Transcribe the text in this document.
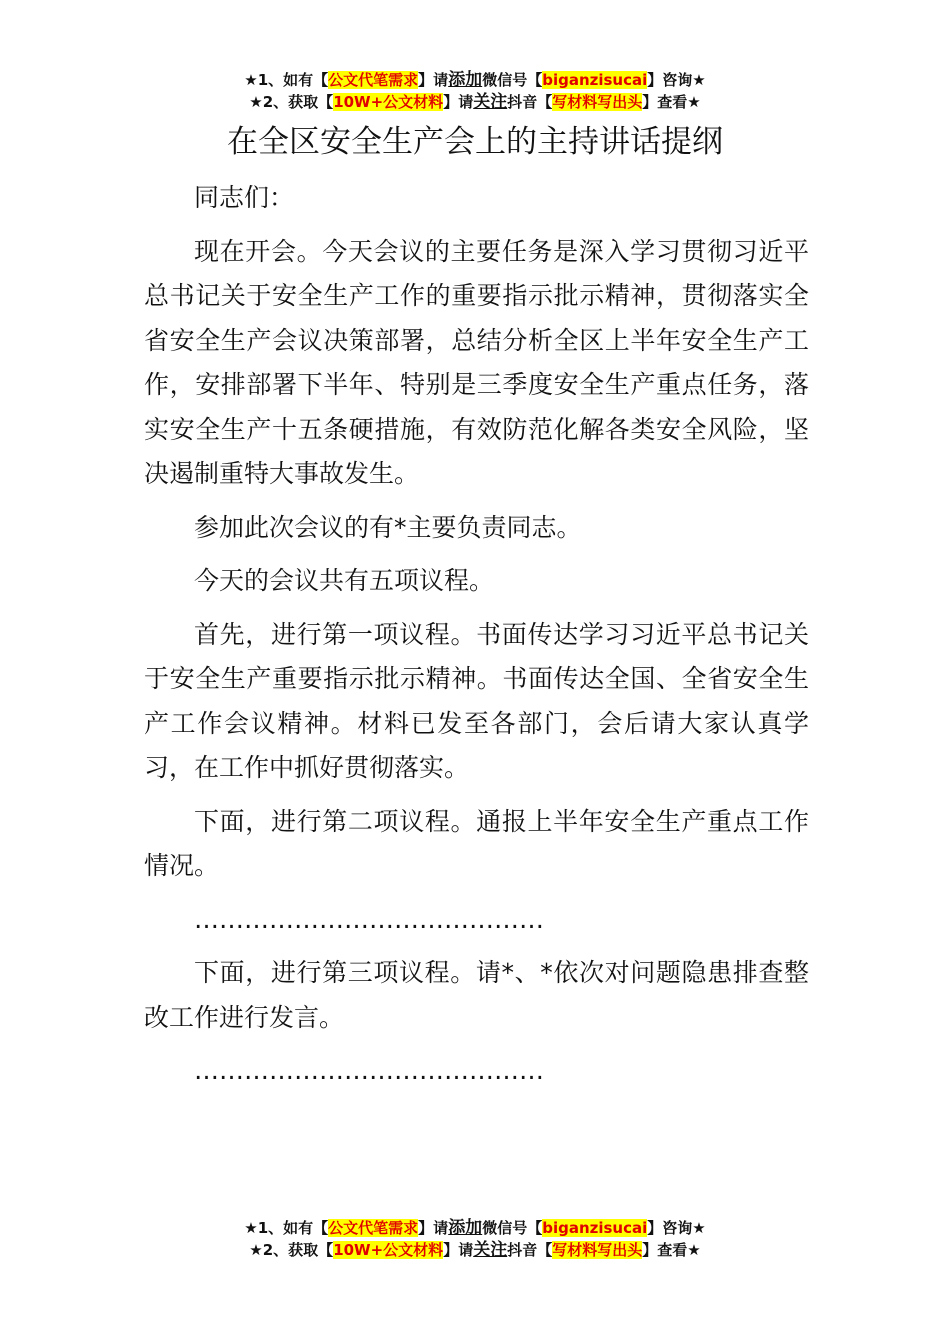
★1、如有【公文代笔需求】请添加微信号【biganzisucai】咨询★
★2、获取【10W+公文材料】请关注抖音【写材料写出头】查看★
在全区安全生产会上的主持讲话提纲

同志们：

现在开会。今天会议的主要任务是深入学习贯彻习近平总书记关于安全生产工作的重要指示批示精神，贯彻落实全省安全生产会议决策部署，总结分析全区上半年安全生产工作，安排部署下半年、特别是三季度安全生产重点任务，落实安全生产十五条硬措施，有效防范化解各类安全风险，坚决遏制重特大事故发生。

参加此次会议的有*主要负责同志。

今天的会议共有五项议程。

首先，进行第一项议程。书面传达学习习近平总书记关于安全生产重要指示批示精神。书面传达全国、全省安全生产工作会议精神。材料已发至各部门，会后请大家认真学习，在工作中抓好贯彻落实。

下面，进行第二项议程。通报上半年安全生产重点工作情况。

……………………………………

下面，进行第三项议程。请*、*依次对问题隐患排查整改工作进行发言。

……………………………………

★1、如有【公文代笔需求】请添加微信号【biganzisucai】咨询★
★2、获取【10W+公文材料】请关注抖音【写材料写出头】查看★
